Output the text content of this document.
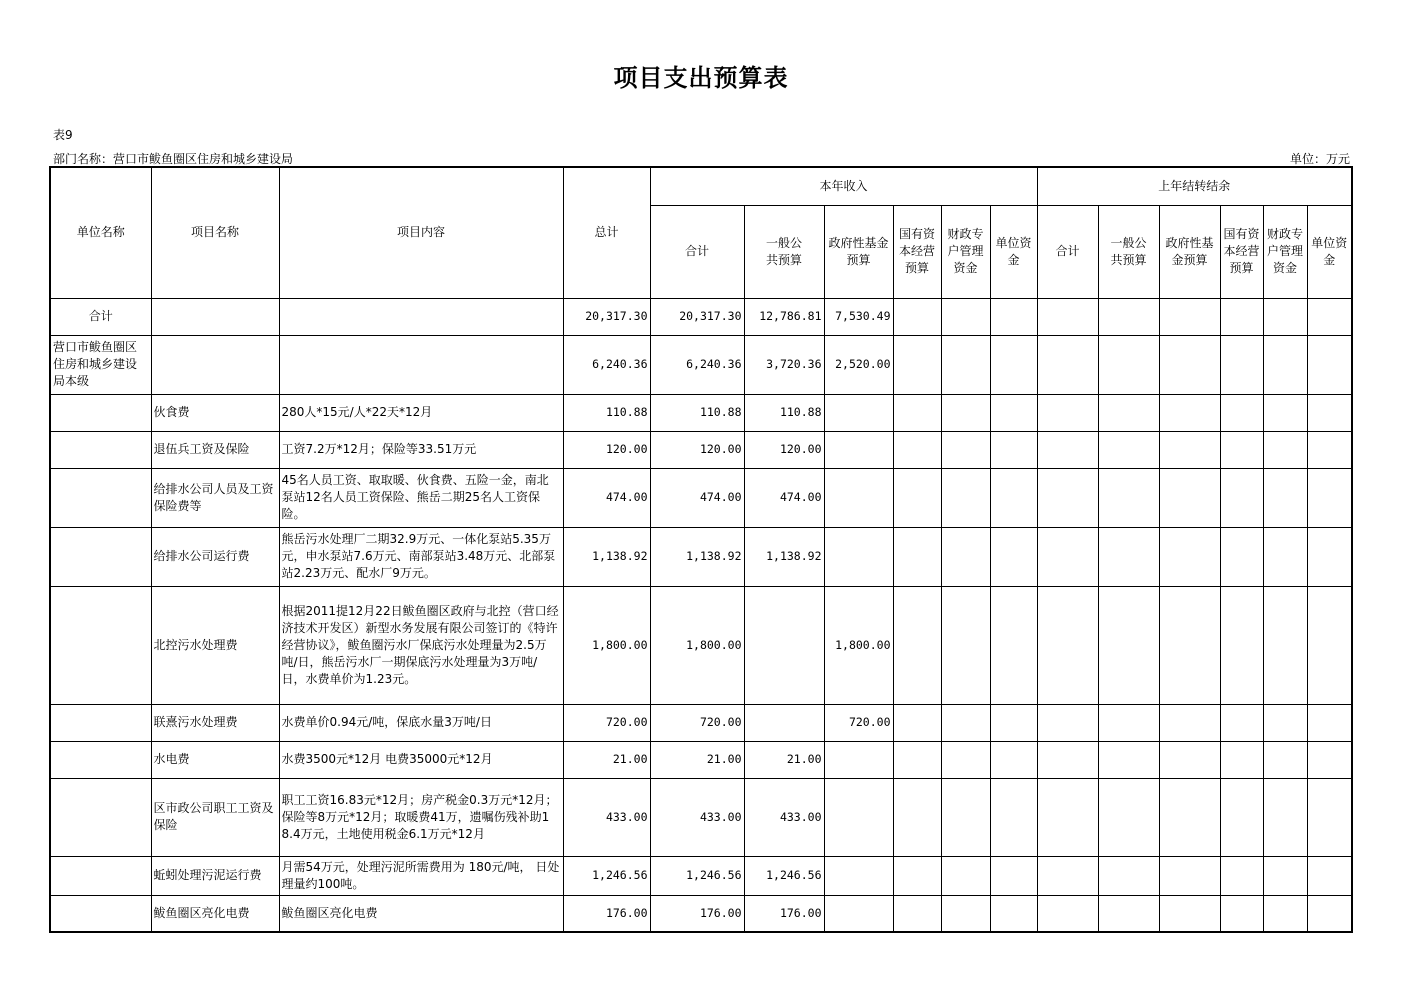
项目支出预算表
表9
部门名称：营口市鲅鱼圈区住房和城乡建设局	单位：万元
单位名称	项目名称	项目内容	总计	本年收入						上年结转结余					
				合计	一般公共预算	政府性基金预算	国有资本经营预算	财政专户管理资金	单位资金	合计	一般公共预算	政府性基金预算	国有资本经营预算	财政专户管理资金	单位资金
合计			20,317.30	20,317.30	12,786.81	7,530.49									
营口市鲅鱼圈区住房和城乡建设局本级			6,240.36	6,240.36	3,720.36	2,520.00									
	伙食费	280人*15元/人*22天*12月	110.88	110.88	110.88										
	退伍兵工资及保险	工资7.2万*12月；保险等33.51万元	120.00	120.00	120.00										
	给排水公司人员及工资保险费等	45名人员工资、取取暖、伙食费、五险一金，南北泵站12名人员工资保险、熊岳二期25名人工资保险。	474.00	474.00	474.00										
	给排水公司运行费	熊岳污水处理厂二期32.9万元、一体化泵站5.35万元，申水泵站7.6万元、南部泵站3.48万元、北部泵站2.23万元、配水厂9万元。	1,138.92	1,138.92	1,138.92										
	北控污水处理费	根据2011提12月22日鲅鱼圈区政府与北控（营口经济技术开发区）新型水务发展有限公司签订的《特许经营协议》，鲅鱼圈污水厂保底污水处理量为2.5万吨/日，熊岳污水厂一期保底污水处理量为3万吨/日，水费单价为1.23元。	1,800.00	1,800.00		1,800.00									
	联熹污水处理费	水费单价0.94元/吨，保底水量3万吨/日	720.00	720.00		720.00									
	水电费	水费3500元*12月 电费35000元*12月	21.00	21.00	21.00										
	区市政公司职工工资及保险	职工工资16.83元*12月；房产税金0.3万元*12月；保险等8万元*12月；取暖费41万，遗嘱伤残补助18.4万元，土地使用税金6.1万元*12月	433.00	433.00	433.00										
	蚯蚓处理污泥运行费	月需54万元，处理污泥所需费用为 180元/吨， 日处理量约100吨。	1,246.56	1,246.56	1,246.56										
	鲅鱼圈区亮化电费	鲅鱼圈区亮化电费	176.00	176.00	176.00										
